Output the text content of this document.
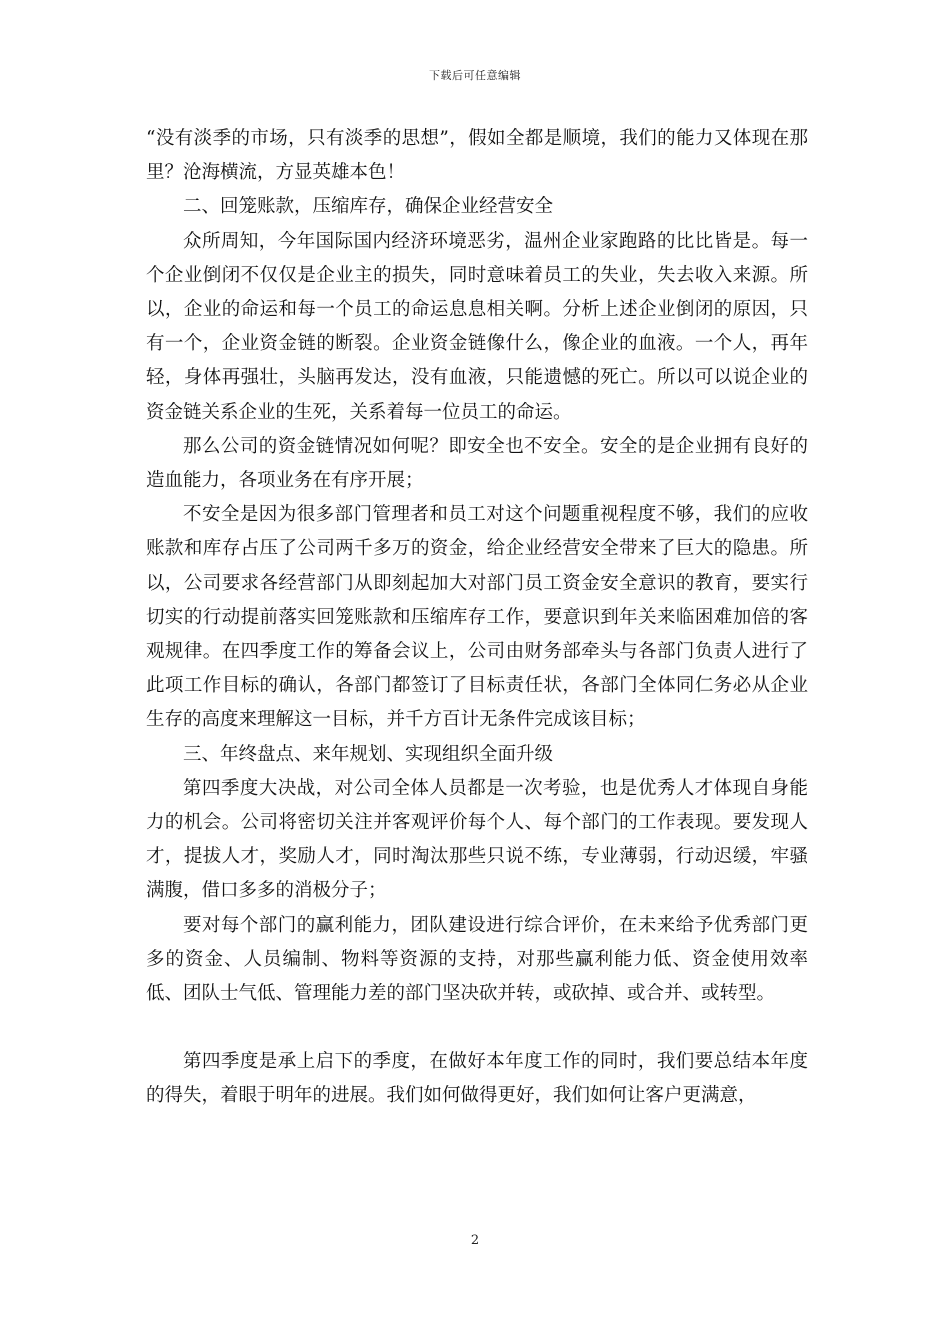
下载后可任意编辑

“没有淡季的市场，只有淡季的思想”，假如全都是顺境，我们的能力又体现在那里？沧海横流，方显英雄本色！

二、回笼账款，压缩库存，确保企业经营安全

众所周知，今年国际国内经济环境恶劣，温州企业家跑路的比比皆是。每一个企业倒闭不仅仅是企业主的损失，同时意味着员工的失业，失去收入来源。所以，企业的命运和每一个员工的命运息息相关啊。分析上述企业倒闭的原因，只有一个，企业资金链的断裂。企业资金链像什么，像企业的血液。一个人，再年轻，身体再强壮，头脑再发达，没有血液，只能遗憾的死亡。所以可以说企业的资金链关系企业的生死，关系着每一位员工的命运。

那么公司的资金链情况如何呢？即安全也不安全。安全的是企业拥有良好的造血能力，各项业务在有序开展；

不安全是因为很多部门管理者和员工对这个问题重视程度不够，我们的应收账款和库存占压了公司两千多万的资金，给企业经营安全带来了巨大的隐患。所以，公司要求各经营部门从即刻起加大对部门员工资金安全意识的教育，要实行切实的行动提前落实回笼账款和压缩库存工作，要意识到年关来临困难加倍的客观规律。在四季度工作的筹备会议上，公司由财务部牵头与各部门负责人进行了此项工作目标的确认，各部门都签订了目标责任状，各部门全体同仁务必从企业生存的高度来理解这一目标，并千方百计无条件完成该目标；

三、年终盘点、来年规划、实现组织全面升级

第四季度大决战，对公司全体人员都是一次考验，也是优秀人才体现自身能力的机会。公司将密切关注并客观评价每个人、每个部门的工作表现。要发现人才，提拔人才，奖励人才，同时淘汰那些只说不练，专业薄弱，行动迟缓，牢骚满腹，借口多多的消极分子；

要对每个部门的赢利能力，团队建设进行综合评价，在未来给予优秀部门更多的资金、人员编制、物料等资源的支持，对那些赢利能力低、资金使用效率低、团队士气低、管理能力差的部门坚决砍并转，或砍掉、或合并、或转型。

第四季度是承上启下的季度，在做好本年度工作的同时，我们要总结本年度的得失，着眼于明年的进展。我们如何做得更好，我们如何让客户更满意，

2
